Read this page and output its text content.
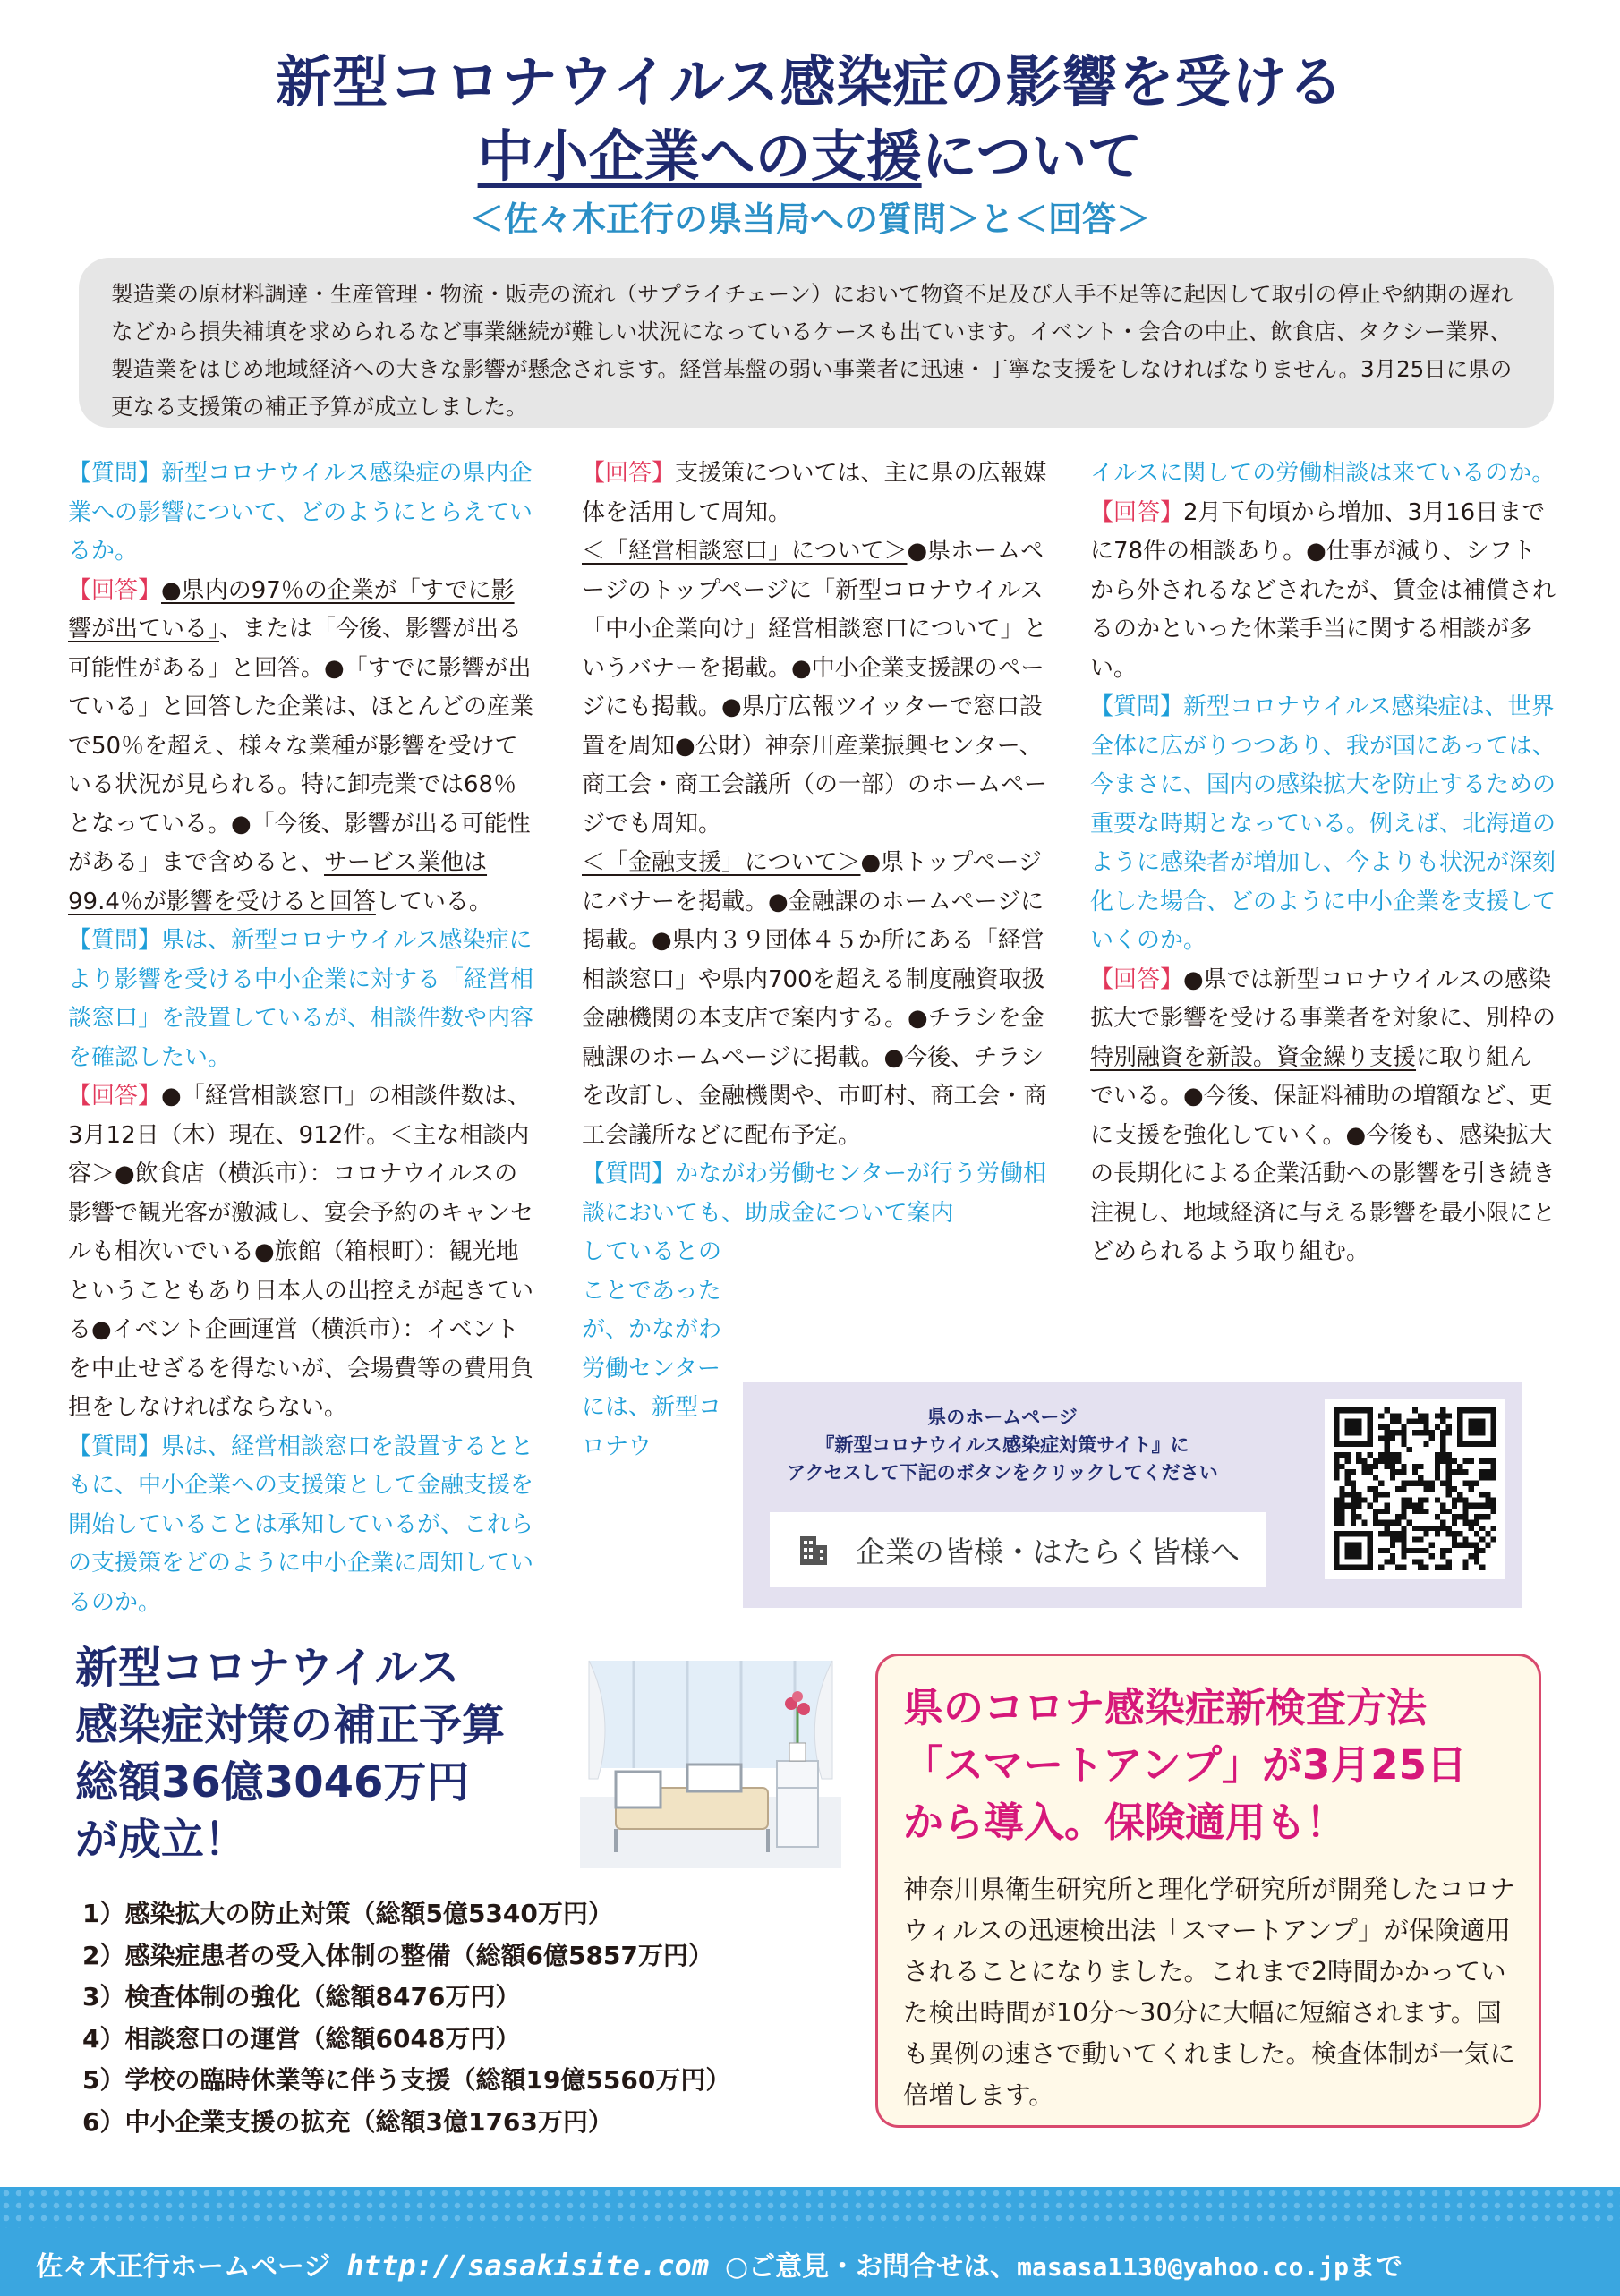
新型コロナウイルス感染症の影響を受ける
中小企業への支援について
＜佐々木正行の県当局への質問＞と＜回答＞
製造業の原材料調達・生産管理・物流・販売の流れ（サプライチェーン）において物資不足及び人手不足等に起因して取引の停止や納期の遅れなどから損失補填を求められるなど事業継続が難しい状況になっているケースも出ています。イベント・会合の中止、飲食店、タクシー業界、製造業をはじめ地域経済への大きな影響が懸念されます。経営基盤の弱い事業者に迅速・丁寧な支援をしなければなりません。3月25日に県の更なる支援策の補正予算が成立しました。
【質問】新型コロナウイルス感染症の県内企業への影響について、どのようにとらえているか。
【回答】●県内の97％の企業が「すでに影響が出ている」、または「今後、影響が出る可能性がある」と回答。●「すでに影響が出ている」と回答した企業は、ほとんどの産業で50％を超え、様々な業種が影響を受けている状況が見られる。特に卸売業では68％となっている。●「今後、影響が出る可能性がある」まで含めると、サービス業他は99.4％が影響を受けると回答している。
【質問】県は、新型コロナウイルス感染症により影響を受ける中小企業に対する「経営相談窓口」を設置しているが、相談件数や内容を確認したい。
【回答】●「経営相談窓口」の相談件数は、3月12日（木）現在、912件。＜主な相談内容＞●飲食店（横浜市）：コロナウイルスの影響で観光客が激減し、宴会予約のキャンセルも相次いでいる●旅館（箱根町）：観光地ということもあり日本人の出控えが起きている●イベント企画運営（横浜市）：イベントを中止せざるを得ないが、会場費等の費用負担をしなければならない。
【質問】県は、経営相談窓口を設置するとともに、中小企業への支援策として金融支援を開始していることは承知しているが、これらの支援策をどのように中小企業に周知しているのか。
【回答】支援策については、主に県の広報媒体を活用して周知。
＜「経営相談窓口」について＞●県ホームページのトップページに「新型コロナウイルス「中小企業向け」経営相談窓口について」というバナーを掲載。●中小企業支援課のページにも掲載。●県庁広報ツイッターで窓口設置を周知●公財）神奈川産業振興センター、商工会・商工会議所（の一部）のホームページでも周知。
＜「金融支援」について＞●県トップページにバナーを掲載。●金融課のホームページに掲載。●県内３９団体４５か所にある「経営相談窓口」や県内700を超える制度融資取扱金融機関の本支店で案内する。●チラシを金融課のホームページに掲載。●今後、チラシを改訂し、金融機関や、市町村、商工会・商工会議所などに配布予定。
【質問】かながわ労働センターが行う労働相談においても、助成金について案内
しているとのことであったが、かながわ労働センターには、新型コロナウ
イルスに関しての労働相談は来ているのか。
【回答】2月下旬頃から増加、3月16日までに78件の相談あり。●仕事が減り、シフトから外されるなどされたが、賃金は補償されるのかといった休業手当に関する相談が多い。
【質問】新型コロナウイルス感染症は、世界全体に広がりつつあり、我が国にあっては、今まさに、国内の感染拡大を防止するための重要な時期となっている。例えば、北海道のように感染者が増加し、今よりも状況が深刻化した場合、どのように中小企業を支援していくのか。
【回答】●県では新型コロナウイルスの感染拡大で影響を受ける事業者を対象に、別枠の特別融資を新設。資金繰り支援に取り組んでいる。●今後、保証料補助の増額など、更に支援を強化していく。●今後も、感染拡大の長期化による企業活動への影響を引き続き注視し、地域経済に与える影響を最小限にとどめられるよう取り組む。
県のホームページ
『新型コロナウイルス感染症対策サイト』に
アクセスして下記のボタンをクリックしてください
企業の皆様・はたらく皆様へ
新型コロナウイルス
感染症対策の補正予算
総額36億3046万円
が成立！
1）感染拡大の防止対策（総額5億5340万円）
2）感染症患者の受入体制の整備（総額6億5857万円）
3）検査体制の強化（総額8476万円）
4）相談窓口の運営（総額6048万円）
5）学校の臨時休業等に伴う支援（総額19億5560万円）
6）中小企業支援の拡充（総額3億1763万円）
県のコロナ感染症新検査方法
「スマートアンプ」が3月25日
から導入。保険適用も！
神奈川県衛生研究所と理化学研究所が開発したコロナウィルスの迅速検出法「スマートアンプ」が保険適用されることになりました。これまで2時間かかっていた検出時間が10分～30分に大幅に短縮されます。国も異例の速さで動いてくれました。検査体制が一気に倍増します。
佐々木正行ホームページ http://sasakisite.com ○ご意見・お問合せは、masasa1130@yahoo.co.jpまで
